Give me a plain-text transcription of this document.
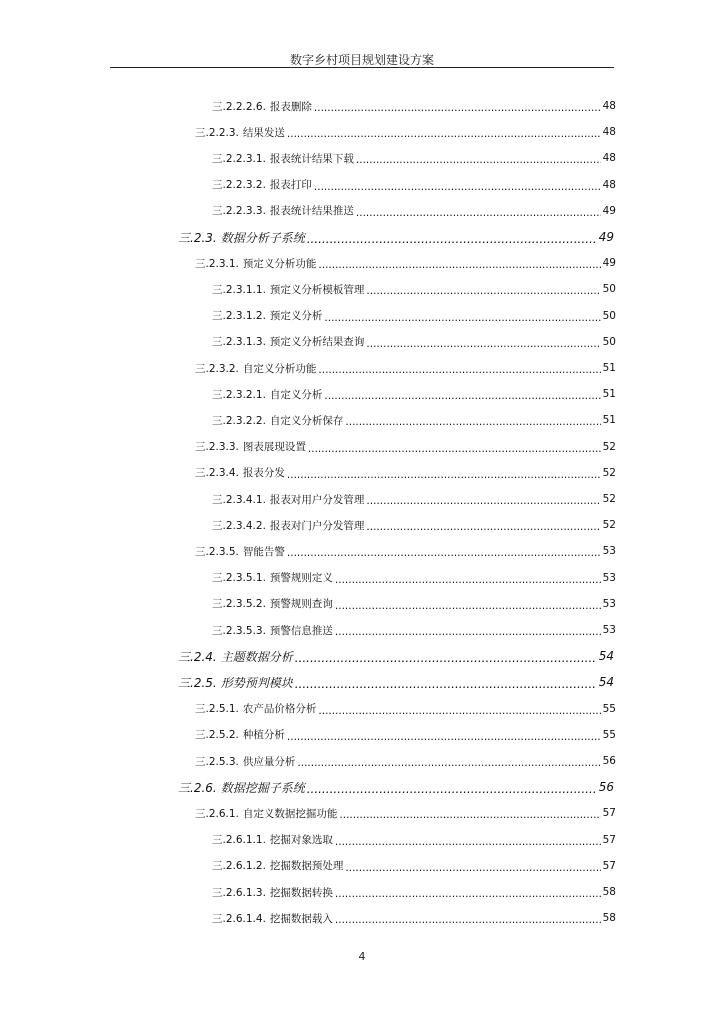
数字乡村项目规划建设方案
三.2.2.2.6. 报表删除 .....	48
三.2.2.3. 结果发送 .....	48
三.2.2.3.1. 报表统计结果下载 .....	48
三.2.2.3.2. 报表打印 .....	48
三.2.2.3.3. 报表统计结果推送 .....	49
三.2.3. 数据分析子系统 .....	49
三.2.3.1. 预定义分析功能 .....	49
三.2.3.1.1. 预定义分析模板管理 .....	50
三.2.3.1.2. 预定义分析 .....	50
三.2.3.1.3. 预定义分析结果查询 .....	50
三.2.3.2. 自定义分析功能 .....	51
三.2.3.2.1. 自定义分析 .....	51
三.2.3.2.2. 自定义分析保存 .....	51
三.2.3.3. 图表展现设置 .....	52
三.2.3.4. 报表分发 .....	52
三.2.3.4.1. 报表对用户分发管理 .....	52
三.2.3.4.2. 报表对门户分发管理 .....	52
三.2.3.5. 智能告警 .....	53
三.2.3.5.1. 预警规则定义 .....	53
三.2.3.5.2. 预警规则查询 .....	53
三.2.3.5.3. 预警信息推送 .....	53
三.2.4. 主题数据分析 .....	54
三.2.5. 形势预判模块 .....	54
三.2.5.1. 农产品价格分析 .....	55
三.2.5.2. 种植分析 .....	55
三.2.5.3. 供应量分析 .....	56
三.2.6. 数据挖掘子系统 .....	56
三.2.6.1. 自定义数据挖掘功能 .....	57
三.2.6.1.1. 挖掘对象选取 .....	57
三.2.6.1.2. 挖掘数据预处理 .....	57
三.2.6.1.3. 挖掘数据转换 .....	58
三.2.6.1.4. 挖掘数据载入 .....	58
4
